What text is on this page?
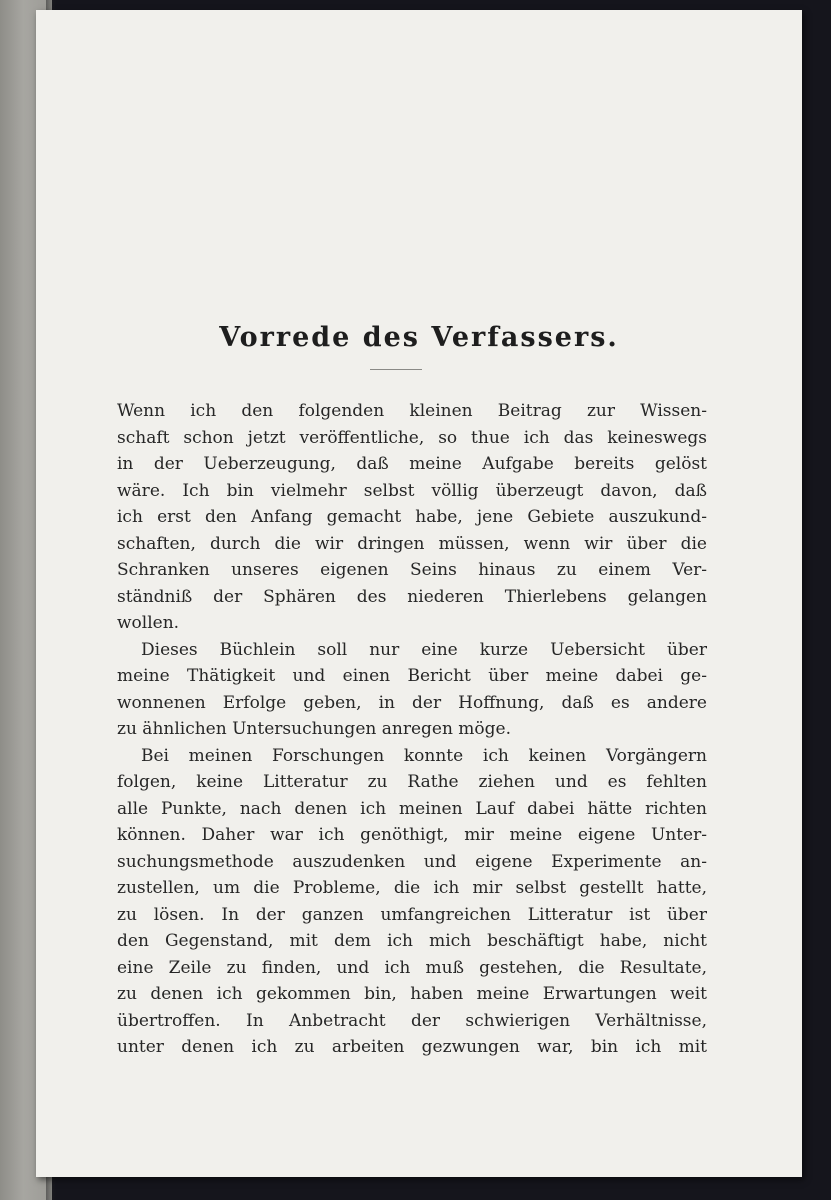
Vorrede des Verfassers.
Wenn ich den folgenden kleinen Beitrag zur Wissen-
schaft schon jetzt veröffentliche, so thue ich das keineswegs
in der Ueberzeugung, daß meine Aufgabe bereits gelöst
wäre. Ich bin vielmehr selbst völlig überzeugt davon, daß
ich erst den Anfang gemacht habe, jene Gebiete auszukund-
schaften, durch die wir dringen müssen, wenn wir über die
Schranken unseres eigenen Seins hinaus zu einem Ver-
ständniß der Sphären des niederen Thierlebens gelangen
wollen.
Dieses Büchlein soll nur eine kurze Uebersicht über
meine Thätigkeit und einen Bericht über meine dabei ge-
wonnenen Erfolge geben, in der Hoffnung, daß es andere
zu ähnlichen Untersuchungen anregen möge.
Bei meinen Forschungen konnte ich keinen Vorgängern
folgen, keine Litteratur zu Rathe ziehen und es fehlten
alle Punkte, nach denen ich meinen Lauf dabei hätte richten
können. Daher war ich genöthigt, mir meine eigene Unter-
suchungsmethode auszudenken und eigene Experimente an-
zustellen, um die Probleme, die ich mir selbst gestellt hatte,
zu lösen. In der ganzen umfangreichen Litteratur ist über
den Gegenstand, mit dem ich mich beschäftigt habe, nicht
eine Zeile zu finden, und ich muß gestehen, die Resultate,
zu denen ich gekommen bin, haben meine Erwartungen weit
übertroffen. In Anbetracht der schwierigen Verhältnisse,
unter denen ich zu arbeiten gezwungen war, bin ich mit
